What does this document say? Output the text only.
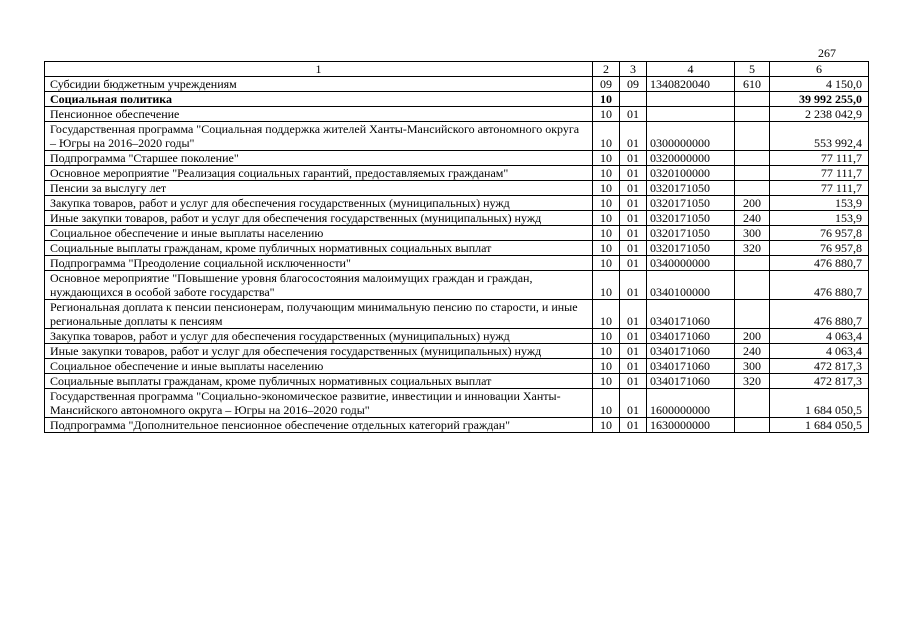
267
1	2	3	4	5	6
Субсидии бюджетным учреждениям	09	09	1340820040	610	4 150,0
Социальная политика	10				39 992 255,0
Пенсионное обеспечение	10	01			2 238 042,9
Государственная программа "Социальная поддержка жителей Ханты-Мансийского автономного округа – Югры на 2016–2020 годы"	10	01	0300000000		553 992,4
Подпрограмма "Старшее поколение"	10	01	0320000000		77 111,7
Основное мероприятие "Реализация социальных гарантий, предоставляемых гражданам"	10	01	0320100000		77 111,7
Пенсии за выслугу лет	10	01	0320171050		77 111,7
Закупка товаров, работ и услуг для обеспечения государственных (муниципальных) нужд	10	01	0320171050	200	153,9
Иные закупки товаров, работ и услуг для обеспечения государственных (муниципальных) нужд	10	01	0320171050	240	153,9
Социальное обеспечение и иные выплаты населению	10	01	0320171050	300	76 957,8
Социальные выплаты гражданам, кроме публичных нормативных социальных выплат	10	01	0320171050	320	76 957,8
Подпрограмма "Преодоление социальной исключенности"	10	01	0340000000		476 880,7
Основное мероприятие "Повышение уровня благосостояния малоимущих граждан и граждан, нуждающихся в особой заботе государства"	10	01	0340100000		476 880,7
Региональная доплата к пенсии пенсионерам, получающим минимальную пенсию по старости, и иные региональные доплаты к пенсиям	10	01	0340171060		476 880,7
Закупка товаров, работ и услуг для обеспечения государственных (муниципальных) нужд	10	01	0340171060	200	4 063,4
Иные закупки товаров, работ и услуг для обеспечения государственных (муниципальных) нужд	10	01	0340171060	240	4 063,4
Социальное обеспечение и иные выплаты населению	10	01	0340171060	300	472 817,3
Социальные выплаты гражданам, кроме публичных нормативных социальных выплат	10	01	0340171060	320	472 817,3
Государственная программа "Социально-экономическое развитие, инвестиции и инновации Ханты-Мансийского автономного округа – Югры на 2016–2020 годы"	10	01	1600000000		1 684 050,5
Подпрограмма "Дополнительное пенсионное обеспечение отдельных категорий граждан"	10	01	1630000000		1 684 050,5
